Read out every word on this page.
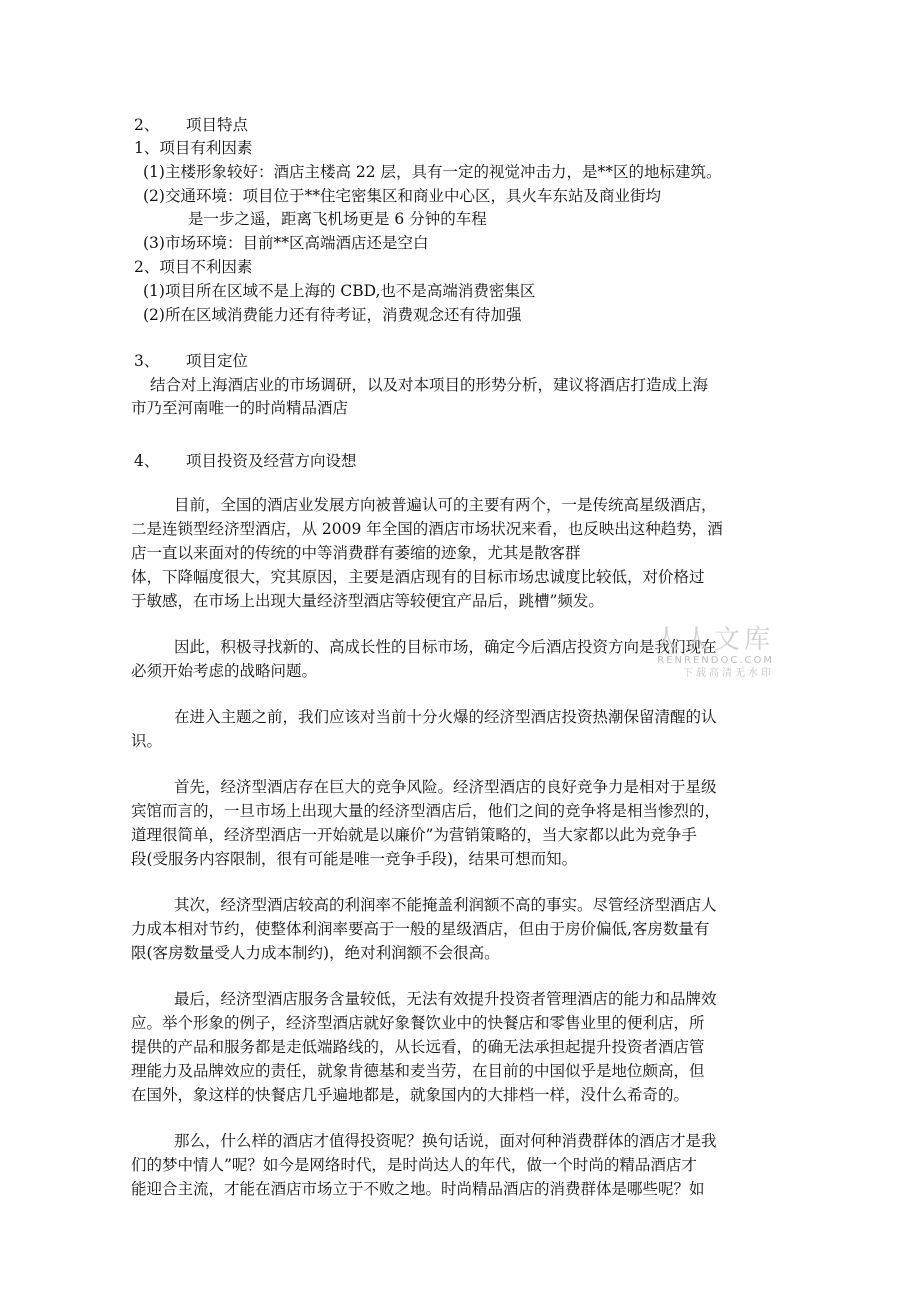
2、 项目特点
1、项目有利因素
(1)主楼形象较好：酒店主楼高 22 层，具有一定的视觉冲击力，是**区的地标建筑。
(2)交通环境：项目位于**住宅密集区和商业中心区，具火车东站及商业街均
是一步之遥，距离飞机场更是 6 分钟的车程
(3)市场环境：目前**区高端酒店还是空白
2、项目不利因素
(1)项目所在区域不是上海的 CBD,也不是高端消费密集区
(2)所在区域消费能力还有待考证，消费观念还有待加强
3、 项目定位
结合对上海酒店业的市场调研，以及对本项目的形势分析，建议将酒店打造成上海
市乃至河南唯一的时尚精品酒店
4、 项目投资及经营方向设想
目前，全国的酒店业发展方向被普遍认可的主要有两个，一是传统高星级酒店，
二是连锁型经济型酒店，从 2009 年全国的酒店市场状况来看，也反映出这种趋势，酒
店一直以来面对的传统的中等消费群有萎缩的迹象，尤其是散客群
体，下降幅度很大，究其原因，主要是酒店现有的目标市场忠诚度比较低，对价格过
于敏感，在市场上出现大量经济型酒店等较便宜产品后，跳槽”频发。
因此，积极寻找新的、高成长性的目标市场，确定今后酒店投资方向是我们现在
必须开始考虑的战略问题。
人人文库
RENRENDOC.COM
下载高清无水印
在进入主题之前，我们应该对当前十分火爆的经济型酒店投资热潮保留清醒的认
识。
首先，经济型酒店存在巨大的竞争风险。经济型酒店的良好竞争力是相对于星级
宾馆而言的，一旦市场上出现大量的经济型酒店后，他们之间的竞争将是相当惨烈的，
道理很简单，经济型酒店一开始就是以廉价”为营销策略的，当大家都以此为竞争手
段(受服务内容限制，很有可能是唯一竞争手段)，结果可想而知。
其次，经济型酒店较高的利润率不能掩盖利润额不高的事实。尽管经济型酒店人
力成本相对节约，使整体利润率要高于一般的星级酒店，但由于房价偏低,客房数量有
限(客房数量受人力成本制约)，绝对利润额不会很高。
最后，经济型酒店服务含量较低，无法有效提升投资者管理酒店的能力和品牌效
应。举个形象的例子，经济型酒店就好象餐饮业中的快餐店和零售业里的便利店，所
提供的产品和服务都是走低端路线的，从长远看，的确无法承担起提升投资者酒店管
理能力及品牌效应的责任，就象肯德基和麦当劳，在目前的中国似乎是地位颇高，但
在国外，象这样的快餐店几乎遍地都是，就象国内的大排档一样，没什么希奇的。
那么，什么样的酒店才值得投资呢？换句话说，面对何种消费群体的酒店才是我
们的梦中情人”呢？如今是网络时代，是时尚达人的年代，做一个时尚的精品酒店才
能迎合主流，才能在酒店市场立于不败之地。时尚精品酒店的消费群体是哪些呢？如
